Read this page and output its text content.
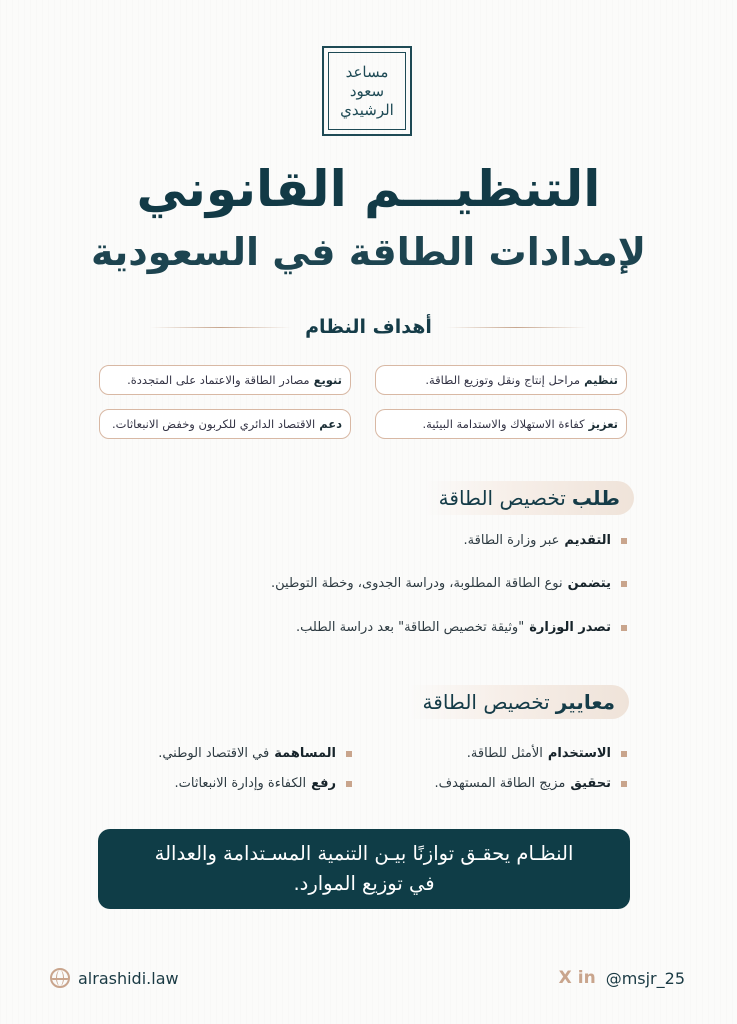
مساعد
سعود
الرشيدي
التنظيـــم القانوني
لإمدادات الطاقة في السعودية
أهداف النظام
تنظيم
مراحل إنتاج ونقل وتوزيع الطاقة.
تنويع
مصادر الطاقة والاعتماد على المتجددة.
تعزيز
كفاءة الاستهلاك والاستدامة البيئية.
دعم
الاقتصاد الدائري للكربون وخفض الانبعاثات.
طلب
تخصيص الطاقة
التقديم
عبر وزارة الطاقة.
يتضمن
نوع الطاقة المطلوبة، ودراسة الجدوى، وخطة التوطين.
تصدر الوزارة
"وثيقة تخصيص الطاقة" بعد دراسة الطلب.
معايير
تخصيص الطاقة
الاستخدام
الأمثل للطاقة.
المساهمة
في الاقتصاد الوطني.
تحقيق
مزيج الطاقة المستهدف.
رفع
الكفاءة وإدارة الانبعاثات.
النظـام يحقـق توازنًا بيـن التنمية المسـتدامة والعدالة
في توزيع الموارد.
alrashidi.law	X in @msjr_25
